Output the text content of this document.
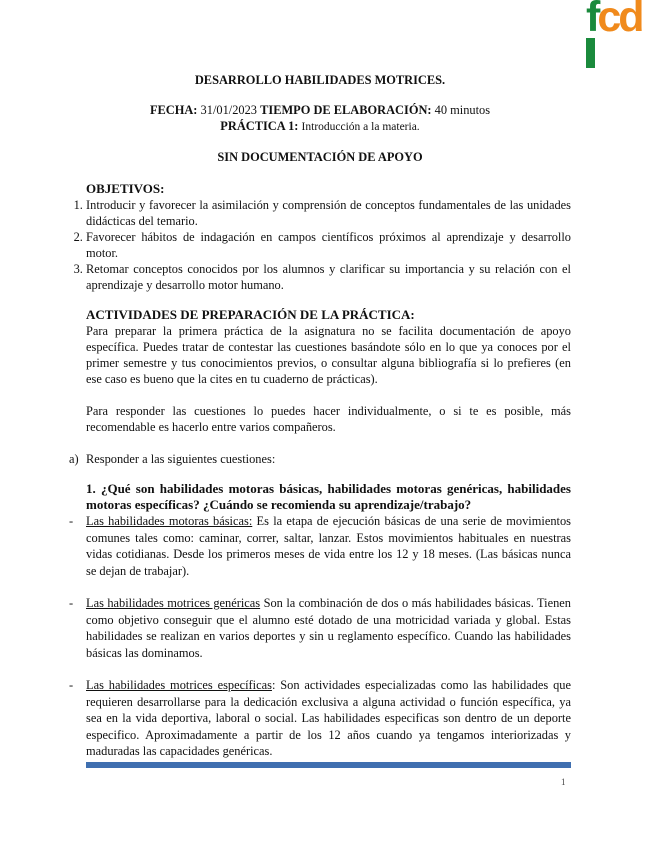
fcd

DESARROLLO HABILIDADES MOTRICES.

FECHA: 31/01/2023 TIEMPO DE ELABORACIÓN: 40 minutos

PRÁCTICA 1: Introducción a la materia.

SIN DOCUMENTACIÓN DE APOYO

OBJETIVOS:

1. Introducir y favorecer la asimilación y comprensión de conceptos fundamentales de las unidades didácticas del temario.
2. Favorecer hábitos de indagación en campos científicos próximos al aprendizaje y desarrollo motor.
3. Retomar conceptos conocidos por los alumnos y clarificar su importancia y su relación con el aprendizaje y desarrollo motor humano.

ACTIVIDADES DE PREPARACIÓN DE LA PRÁCTICA:

Para preparar la primera práctica de la asignatura no se facilita documentación de apoyo específica. Puedes tratar de contestar las cuestiones basándote sólo en lo que ya conoces por el primer semestre y tus conocimientos previos, o consultar alguna bibliografía si lo prefieres (en ese caso es bueno que la cites en tu cuaderno de prácticas).

Para responder las cuestiones lo puedes hacer individualmente, o si te es posible, más recomendable es hacerlo entre varios compañeros.

a) Responder a las siguientes cuestiones:

1. ¿Qué son habilidades motoras básicas, habilidades motoras genéricas, habilidades motoras específicas? ¿Cuándo se recomienda su aprendizaje/trabajo?

- Las habilidades motoras básicas: Es la etapa de ejecución básicas de una serie de movimientos comunes tales como: caminar, correr, saltar, lanzar. Estos movimientos habituales en nuestras vidas cotidianas. Desde los primeros meses de vida entre los 12 y 18 meses. (Las básicas nunca se dejan de trabajar).
- Las habilidades motrices genéricas Son la combinación de dos o más habilidades básicas. Tienen como objetivo conseguir que el alumno esté dotado de una motricidad variada y global. Estas habilidades se realizan en varios deportes y sin u reglamento específico. Cuando las habilidades básicas las dominamos.
- Las habilidades motrices específicas: Son actividades especializadas como las habilidades que requieren desarrollarse para la dedicación exclusiva a alguna actividad o función específica, ya sea en la vida deportiva, laboral o social. Las habilidades especificas son dentro de un deporte especifico. Aproximadamente a partir de los 12 años cuando ya tengamos interiorizadas y maduradas las capacidades genéricas.
1
